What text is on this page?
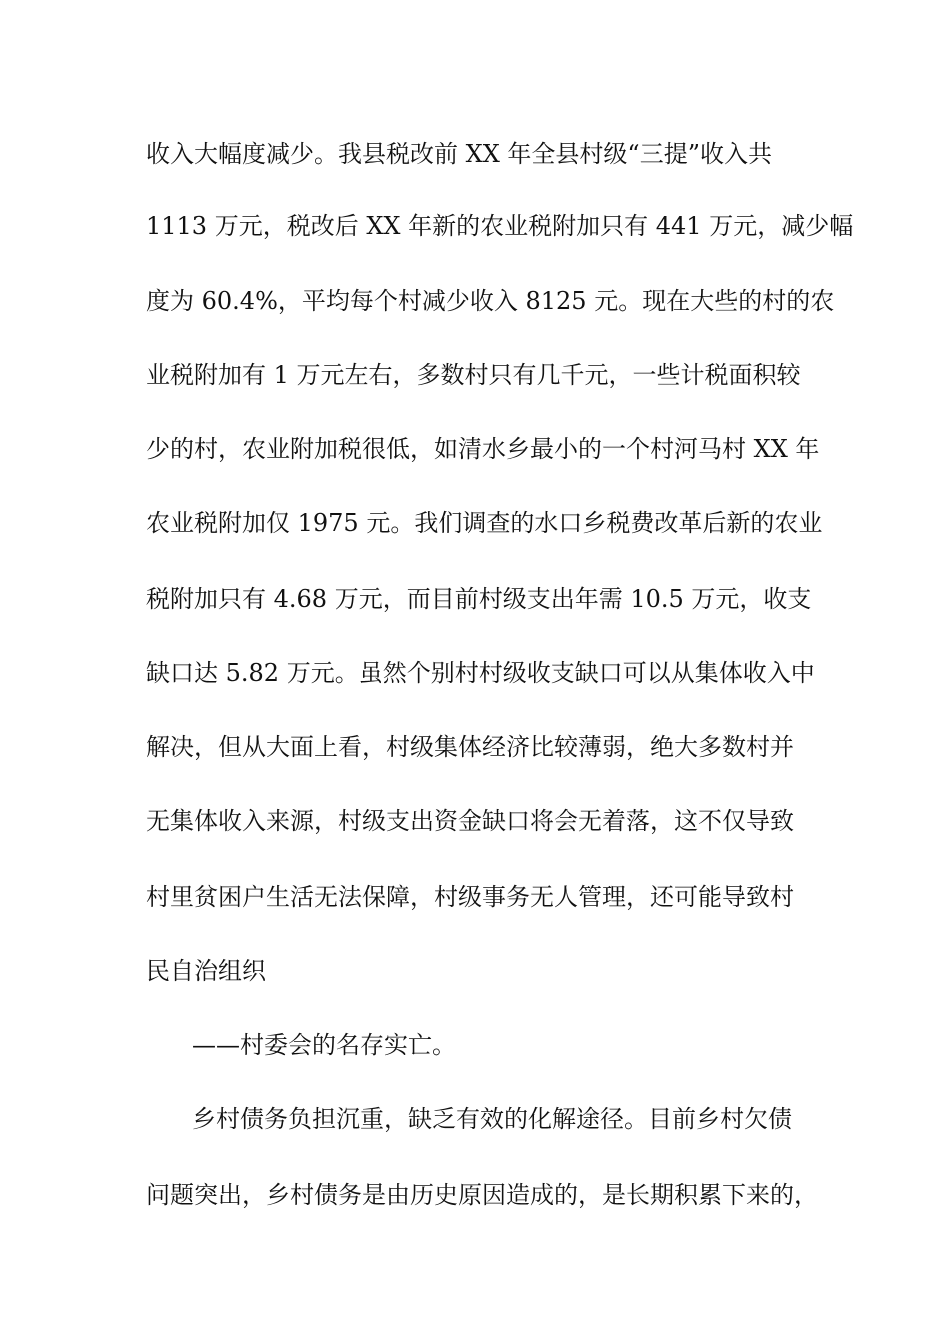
收入大幅度减少。我县税改前 XX 年全县村级“三提”收入共
1113 万元，税改后 XX 年新的农业税附加只有 441 万元，减少幅
度为 60.4%，平均每个村减少收入 8125 元。现在大些的村的农
业税附加有 1 万元左右，多数村只有几千元，一些计税面积较
少的村，农业附加税很低，如清水乡最小的一个村河马村 XX 年
农业税附加仅 1975 元。我们调查的水口乡税费改革后新的农业
税附加只有 4.68 万元，而目前村级支出年需 10.5 万元，收支
缺口达 5.82 万元。虽然个别村村级收支缺口可以从集体收入中
解决，但从大面上看，村级集体经济比较薄弱，绝大多数村并
无集体收入来源，村级支出资金缺口将会无着落，这不仅导致
村里贫困户生活无法保障，村级事务无人管理，还可能导致村
民自治组织
——村委会的名存实亡。
乡村债务负担沉重，缺乏有效的化解途径。目前乡村欠债
问题突出，乡村债务是由历史原因造成的，是长期积累下来的，
